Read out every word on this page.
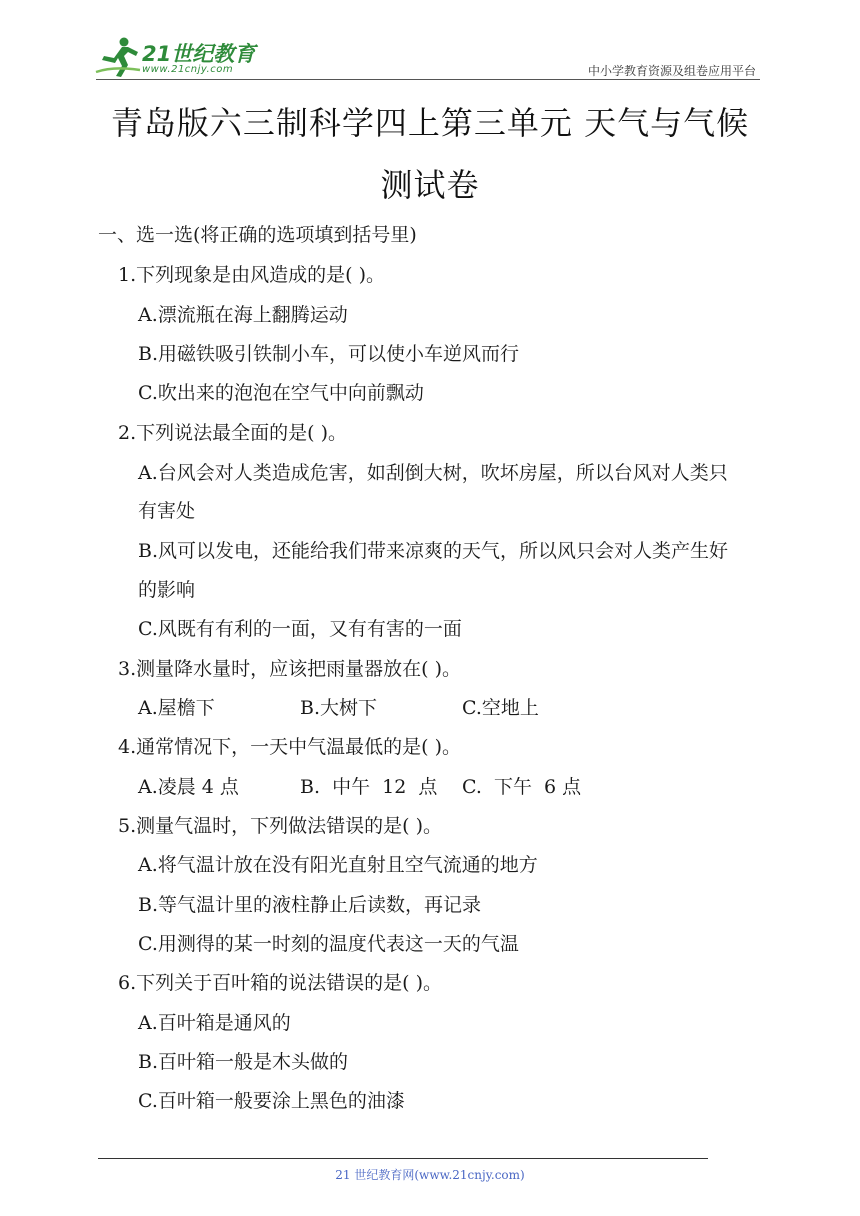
21世纪教育
www.21cnjy.com	中小学教育资源及组卷应用平台
青岛版六三制科学四上第三单元 天气与气候
测试卷
一、选一选(将正确的选项填到括号里)
1.下列现象是由风造成的是( )。
A.漂流瓶在海上翻腾运动
B.用磁铁吸引铁制小车，可以使小车逆风而行
C.吹出来的泡泡在空气中向前飘动
2.下列说法最全面的是( )。
A.台风会对人类造成危害，如刮倒大树，吹坏房屋，所以台风对人类只
有害处
B.风可以发电，还能给我们带来凉爽的天气，所以风只会对人类产生好
的影响
C.风既有有利的一面，又有有害的一面
3.测量降水量时，应该把雨量器放在( )。
A.屋檐下	B.大树下	C.空地上
4.通常情况下，一天中气温最低的是( )。
A.凌晨 4 点	B.  中午  12  点 C.  下午  6 点
5.测量气温时，下列做法错误的是( )。
A.将气温计放在没有阳光直射且空气流通的地方
B.等气温计里的液柱静止后读数，再记录
C.用测得的某一时刻的温度代表这一天的气温
6.下列关于百叶箱的说法错误的是( )。
A.百叶箱是通风的
B.百叶箱一般是木头做的
C.百叶箱一般要涂上黑色的油漆
21 世纪教育网(www.21cnjy.com)
